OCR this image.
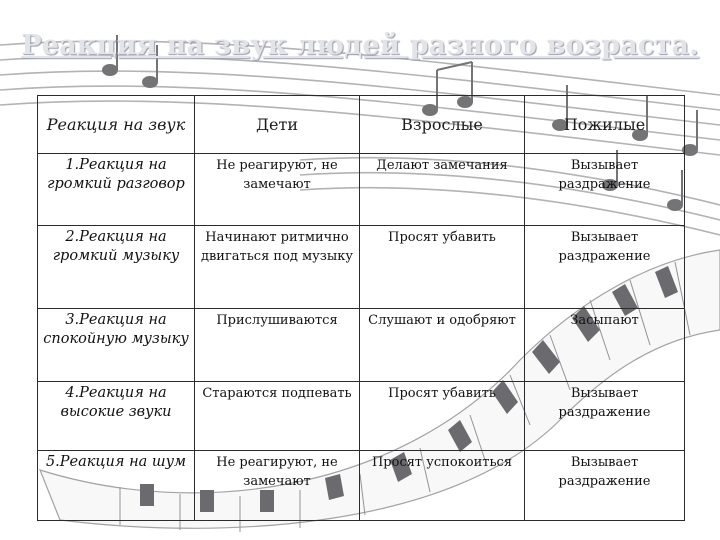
Реакция на звук людей разного возраста.
Реакция на звук	Дети	Взрослые	Пожилые
1.Реакция на громкий разговор	Не реагируют, не замечают	Делают замечания	Вызывает раздражение
2.Реакция на громкий музыку	Начинают ритмично двигаться под музыку	Просят убавить	Вызывает раздражение
3.Реакция на спокойную музыку	Прислушиваются	Слушают и одобряют	Засыпают
4.Реакция на высокие звуки	Стараются подпевать	Просят убавить	Вызывает раздражение
5.Реакция на шум	Не реагируют, не замечают	Просят успокоиться	Вызывает раздражение
